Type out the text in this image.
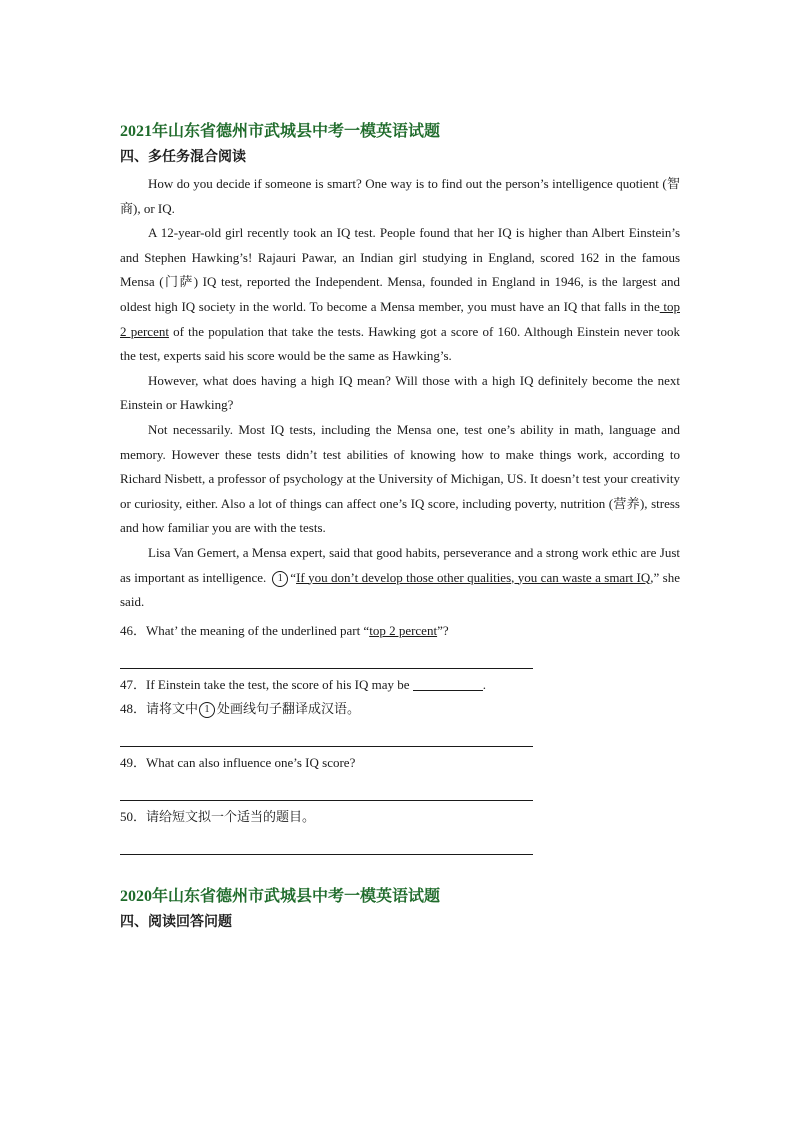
2021年山东省德州市武城县中考一模英语试题
四、多任务混合阅读

How do you decide if someone is smart? One way is to find out the person’s intelligence quotient (智商), or IQ.

A 12-year-old girl recently took an IQ test. People found that her IQ is higher than Albert Einstein’s and Stephen Hawking’s! Rajauri Pawar, an Indian girl studying in England, scored 162 in the famous Mensa (门萨) IQ test, reported the Independent. Mensa, founded in England in 1946, is the largest and oldest high IQ society in the world. To become a Mensa member, you must have an IQ that falls in the top 2 percent of the population that take the tests. Hawking got a score of 160. Although Einstein never took the test, experts said his score would be the same as Hawking’s.

However, what does having a high IQ mean? Will those with a high IQ definitely become the next Einstein or Hawking?

Not necessarily. Most IQ tests, including the Mensa one, test one’s ability in math, language and memory. However these tests didn’t test abilities of knowing how to make things work, according to Richard Nisbett, a professor of psychology at the University of Michigan, US. It doesn’t test your creativity or curiosity, either. Also a lot of things can affect one’s IQ score, including poverty, nutrition (营养), stress and how familiar you are with the tests.

Lisa Van Gemert, a Mensa expert, said that good habits, perseverance and a strong work ethic are Just as important as intelligence. 1 “If you don’t develop those other qualities, you can waste a smart IQ,” she said.

46．What’ the meaning of the underlined part “top 2 percent”?

47．If Einstein take the test, the score of his IQ may be	.

48．请将文中 1 处画线句子翻译成汉语。

49．What can also influence one’s IQ score?

50．请给短文拟一个适当的题目。

2020年山东省德州市武城县中考一模英语试题
四、阅读回答问题
